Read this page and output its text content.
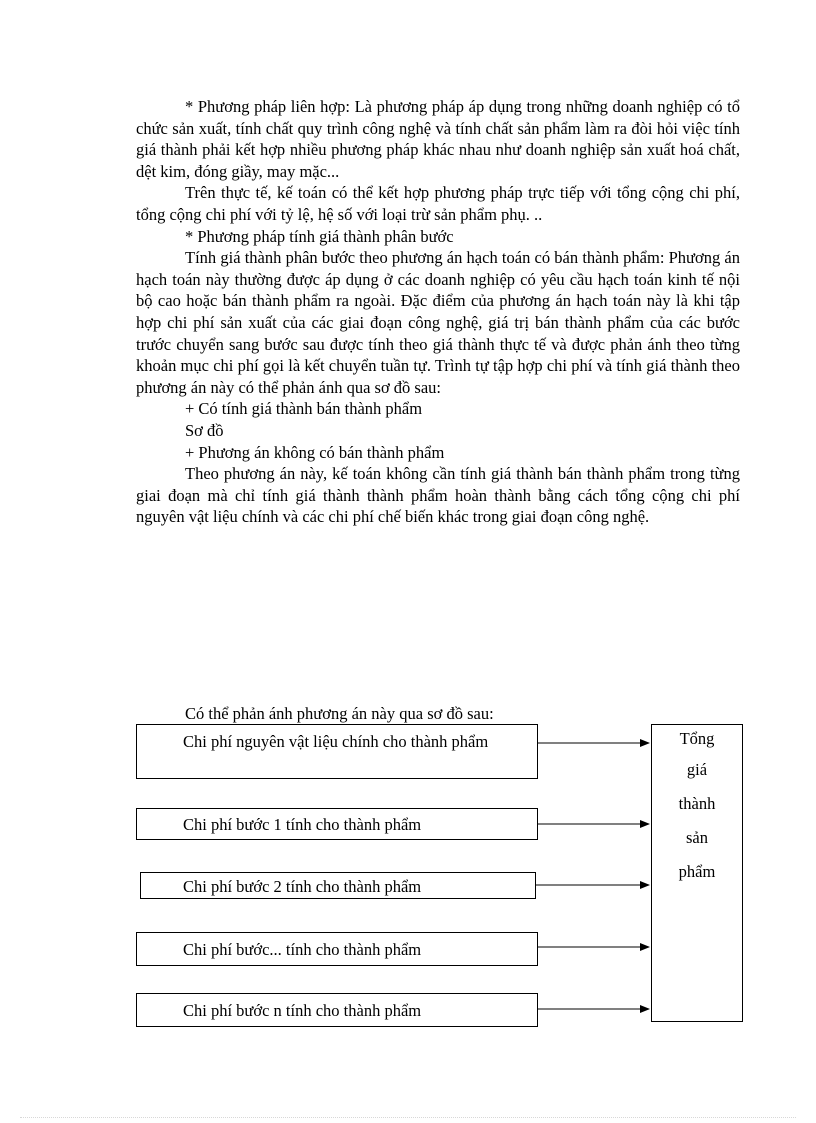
* Phương pháp liên hợp: Là phương pháp áp dụng trong những doanh nghiệp có tổ chức sản xuất, tính chất quy trình công nghệ và tính chất sản phẩm làm ra đòi hỏi việc tính giá thành phải kết hợp nhiều phương pháp khác nhau như doanh nghiệp sản xuất hoá chất, dệt kim, đóng giầy, may mặc...

Trên thực tế, kế toán có thể kết hợp phương pháp trực tiếp với tổng cộng chi phí, tổng cộng chi phí với tỷ lệ, hệ số với loại trừ sản phẩm phụ. ..

* Phương pháp tính giá thành phân bước

Tính giá thành phân bước theo phương án hạch toán có bán thành phẩm: Phương án hạch toán này thường được áp dụng ở các doanh nghiệp có yêu cầu hạch toán kinh tế nội bộ cao hoặc bán thành phẩm ra ngoài. Đặc điểm của phương án hạch toán này là khi tập hợp chi phí sản xuất của các giai đoạn công nghệ, giá trị bán thành phẩm của các bước trước chuyển sang bước sau được tính theo giá thành thực tế và được phản ánh theo từng khoản mục chi phí gọi là kết chuyển tuần tự. Trình tự tập hợp chi phí và tính giá thành theo phương án này có thể phản ánh qua sơ đồ sau:

+ Có tính giá thành bán thành phẩm

Sơ đồ

+ Phương án không có bán thành phẩm

Theo phương án này, kế toán không cần tính giá thành bán thành phẩm trong từng giai đoạn mà chỉ tính giá thành thành phẩm hoàn thành bằng cách tổng cộng chi phí nguyên vật liệu chính và các chi phí chế biến khác trong giai đoạn công nghệ.

Có thể phản ánh phương án này qua sơ đồ sau:
Chi phí nguyên vật liệu chính cho thành phẩm
Chi phí bước 1 tính cho thành phẩm
Chi phí bước 2 tính cho thành phẩm
Chi phí bước... tính cho thành phẩm
Chi phí bước n tính cho thành phẩm
Tổng
giá
thành
sản
phẩm
